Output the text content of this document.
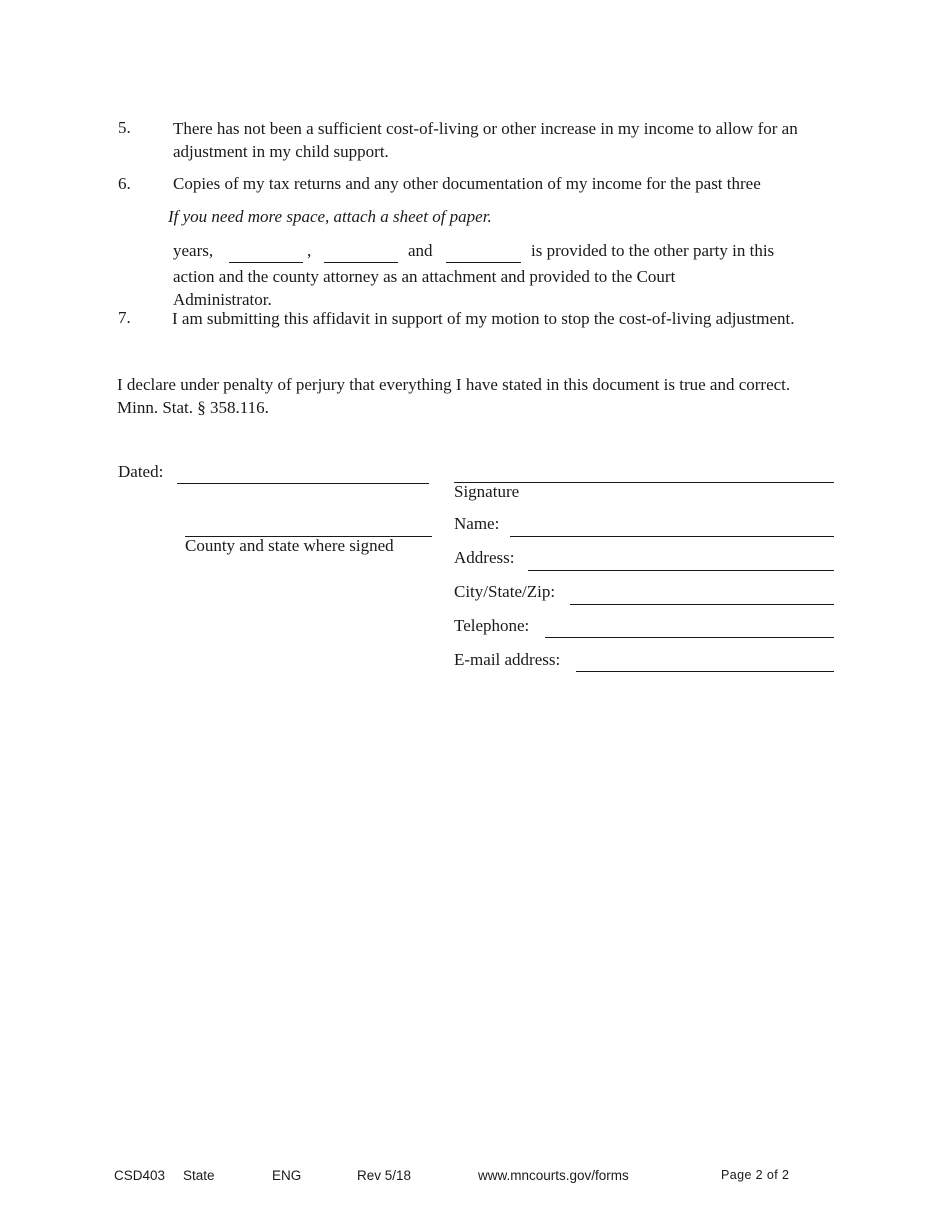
5. There has not been a sufficient cost-of-living or other increase in my income to allow for an adjustment in my child support.
6. Copies of my tax returns and any other documentation of my income for the past three
If you need more space, attach a sheet of paper.
years,	,	and	is provided to the other party in this
action and the county attorney as an attachment and provided to the Court Administrator.
7. I am submitting this affidavit in support of my motion to stop the cost-of-living adjustment.
I declare under penalty of perjury that everything I have stated in this document is true and correct. Minn. Stat. § 358.116.
Dated:
County and state where signed
Signature
Name:
Address:
City/State/Zip:
Telephone:
E-mail address:
CSD403 State	ENG	Rev 5/18	www.mncourts.gov/forms	Page 2 of 2
